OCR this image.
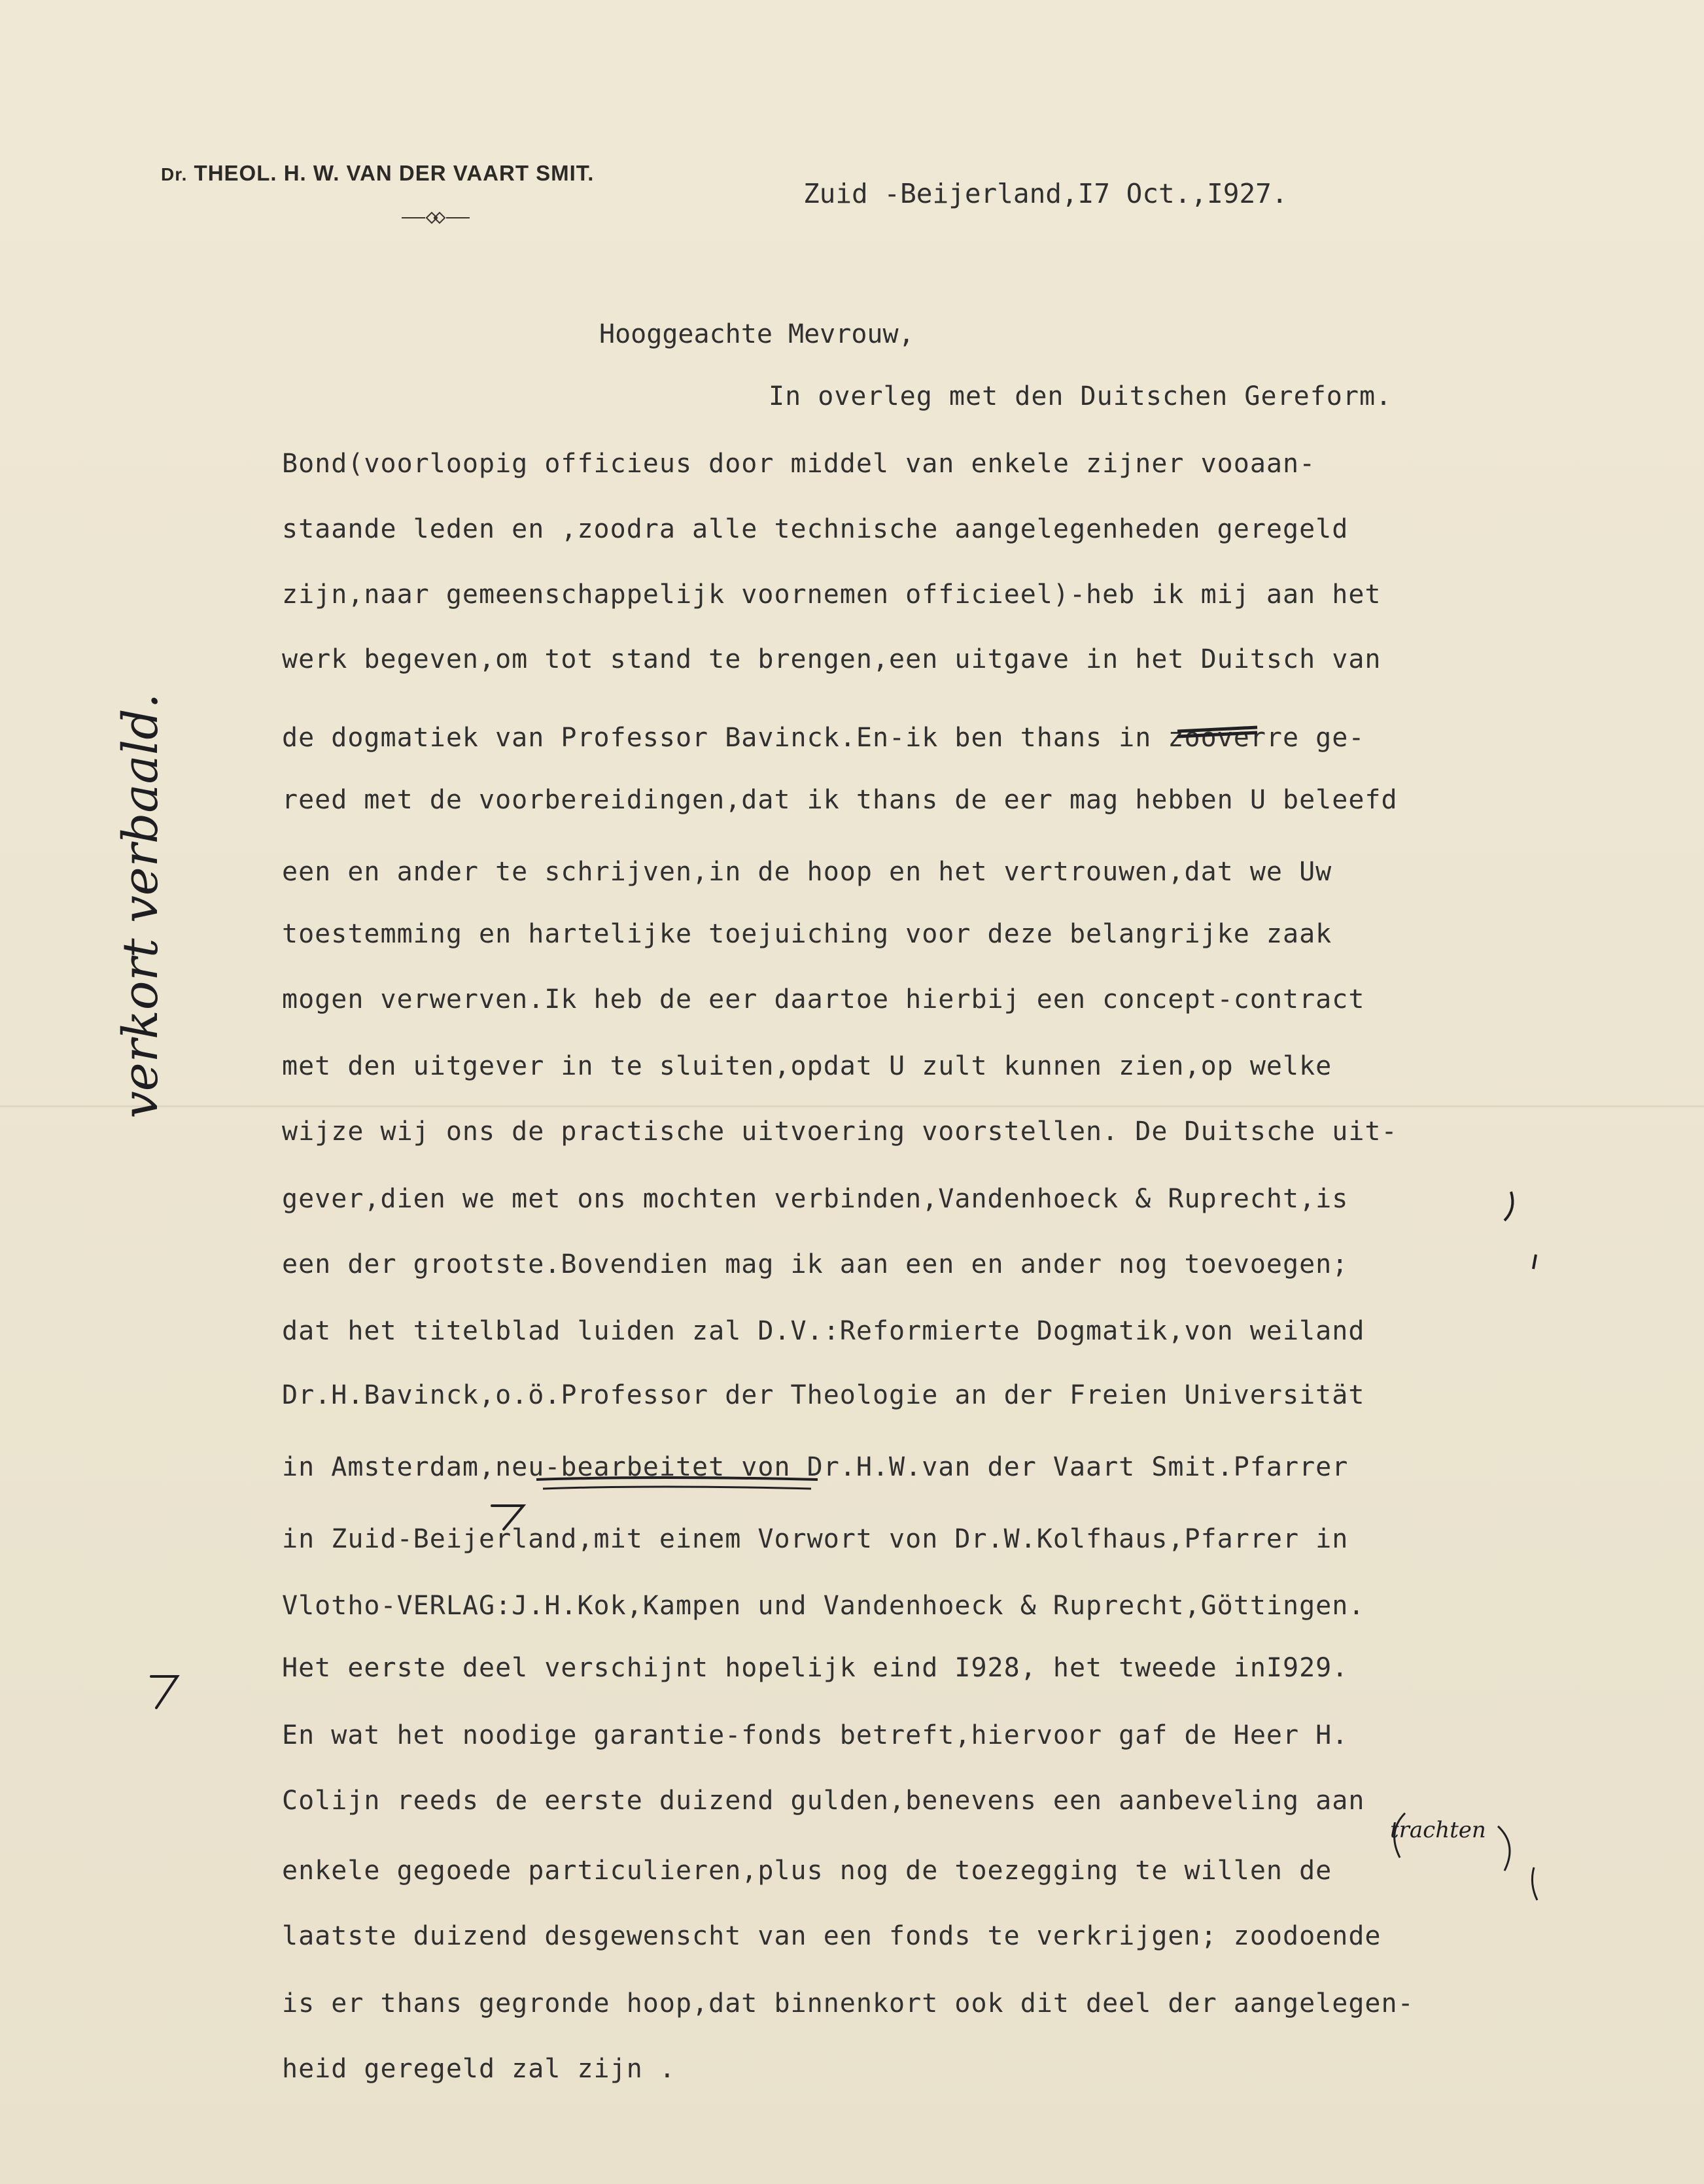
Dr. THEOL. H. W. VAN DER VAART SMIT.
Zuid -Beijerland,I7 Oct.,I927.
Hooggeachte Mevrouw,
In overleg met den Duitschen Gereform.
Bond(voorloopig officieus door middel van enkele zijner vooaan-
staande leden en ,zoodra alle technische aangelegenheden geregeld
zijn,naar gemeenschappelijk voornemen officieel)-heb ik mij aan het
werk begeven,om tot stand te brengen,een uitgave in het Duitsch van
de dogmatiek van Professor Bavinck.En-ik ben thans in zooverre ge-
reed met de voorbereidingen,dat ik thans de eer mag hebben U beleefd
een en ander te schrijven,in de hoop en het vertrouwen,dat we Uw
toestemming en hartelijke toejuiching voor deze belangrijke zaak
mogen verwerven.Ik heb de eer daartoe hierbij een concept-contract
met den uitgever in te sluiten,opdat U zult kunnen zien,op welke
wijze wij ons de practische uitvoering voorstellen. De Duitsche uit-
gever,dien we met ons mochten verbinden,Vandenhoeck & Ruprecht,is
een der grootste.Bovendien mag ik aan een en ander nog toevoegen;
dat het titelblad luiden zal D.V.:Reformierte Dogmatik,von weiland
Dr.H.Bavinck,o.ö.Professor der Theologie an der Freien Universität
in Amsterdam,neu-bearbeitet von Dr.H.W.van der Vaart Smit.Pfarrer
in Zuid-Beijerland,mit einem Vorwort von Dr.W.Kolfhaus,Pfarrer in
Vlotho-VERLAG:J.H.Kok,Kampen und Vandenhoeck & Ruprecht,Göttingen.
Het eerste deel verschijnt hopelijk eind I928, het tweede inI929.
En wat het noodige garantie-fonds betreft,hiervoor gaf de Heer H.
Colijn reeds de eerste duizend gulden,benevens een aanbeveling aan
enkele gegoede particulieren,plus nog de toezegging te willen de
laatste duizend desgewenscht van een fonds te verkrijgen; zoodoende
is er thans gegronde hoop,dat binnenkort ook dit deel der aangelegen-
heid geregeld zal zijn .
verkort verbaald.
trachten
